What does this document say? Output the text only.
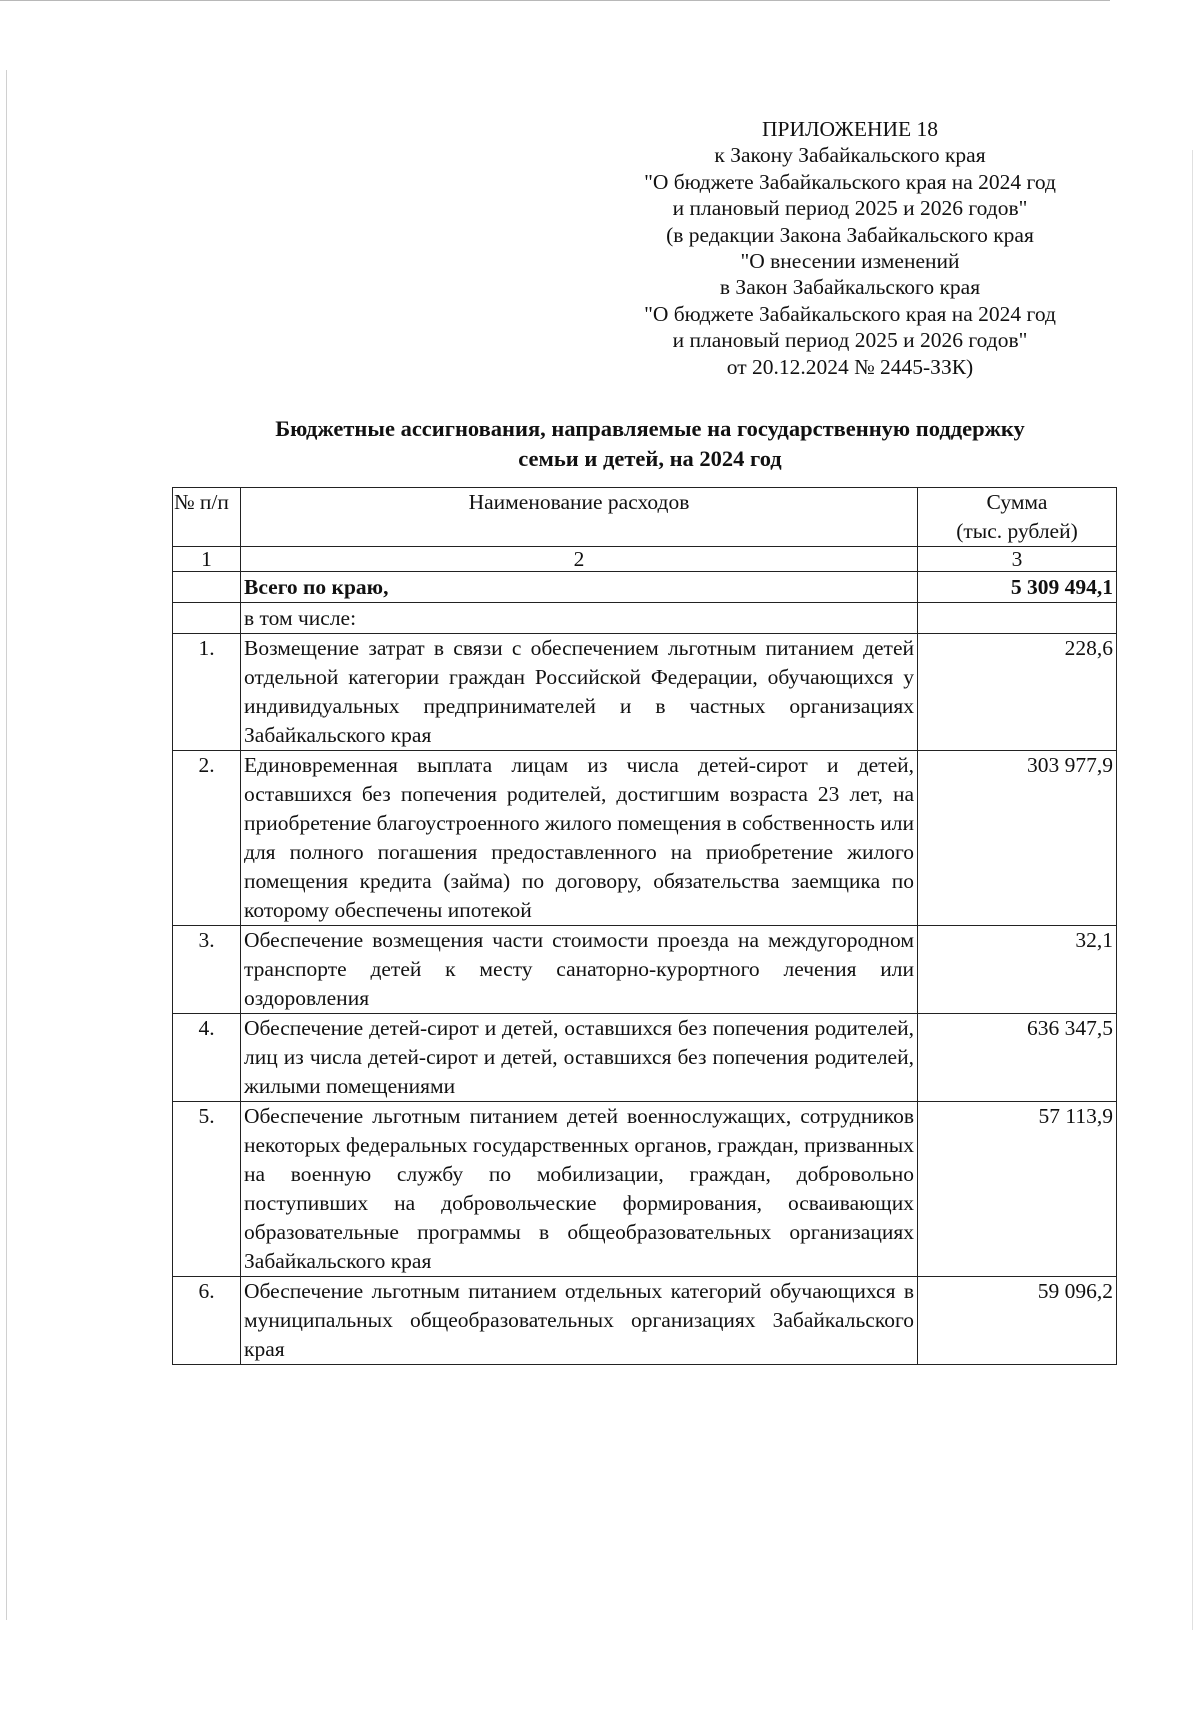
ПРИЛОЖЕНИЕ 18
к Закону Забайкальского края
"О бюджете Забайкальского края на 2024 год
и плановый период 2025 и 2026 годов"
(в редакции Закона Забайкальского края
"О внесении изменений
в Закон Забайкальского края
"О бюджете Забайкальского края на 2024 год
и плановый период 2025 и 2026 годов"
от 20.12.2024 № 2445-ЗЗК)
Бюджетные ассигнования, направляемые на государственную поддержку
семьи и детей, на 2024 год
№ п/п	Наименование расходов	Сумма
(тыс. рублей)

1	2	3
	Всего по краю,	5 309 494,1
	в том числе:	
1.	Возмещение затрат в связи с обеспечением льготным питанием детей отдельной категории граждан Российской Федерации, обучающихся у индивидуальных предпринимателей и в частных организациях Забайкальского края	228,6
2.	Единовременная выплата лицам из числа детей-сирот и детей, оставшихся без попечения родителей, достигшим возраста 23 лет, на приобретение благоустроенного жилого помещения в собственность или для полного погашения предоставленного на приобретение жилого помещения кредита (займа) по договору, обязательства заемщика по которому обеспечены ипотекой	303 977,9
3.	Обеспечение возмещения части стоимости проезда на междугородном транспорте детей к месту санаторно-курортного лечения или оздоровления	32,1
4.	Обеспечение детей-сирот и детей, оставшихся без попечения родителей, лиц из числа детей-сирот и детей, оставшихся без попечения родителей, жилыми помещениями	636 347,5
5.	Обеспечение льготным питанием детей военнослужащих, сотрудников некоторых федеральных государственных органов, граждан, призванных на военную службу по мобилизации, граждан, добровольно поступивших на добровольческие формирования, осваивающих образовательные программы в общеобразовательных организациях Забайкальского края	57 113,9
6.	Обеспечение льготным питанием отдельных категорий обучающихся в муниципальных общеобразовательных организациях Забайкальского края	59 096,2
